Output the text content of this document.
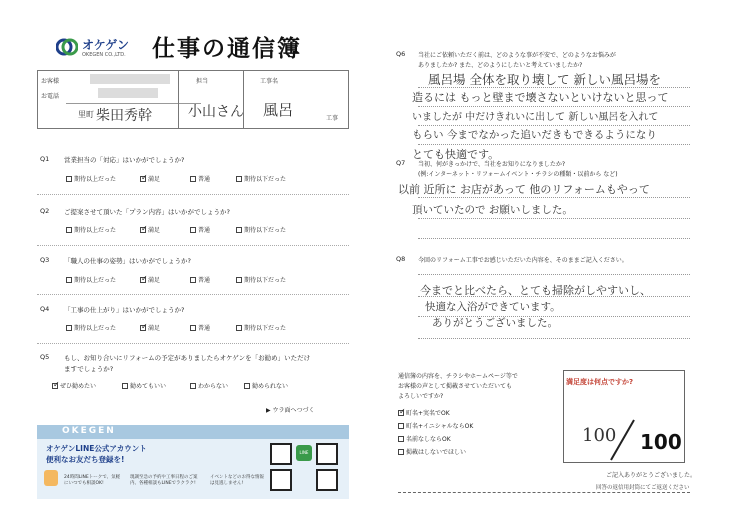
オケゲン
OKEGEN CO.,LTD. 仕事の通信簿
お客様
お電話
里町 柴田秀幹
担当
小山さん
工事名
風呂	工事
Q1 営業担当の「対応」はいかがでしょうか?
期待以上だった ✓	満足	普通	期待以下だった
Q2 ご提案させて頂いた「プラン内容」はいかがでしょうか?
期待以上だった ✓	満足	普通	期待以下だった
Q3 「職人の仕事の姿勢」はいかがでしょうか?
期待以上だった ✓	満足	普通	期待以下だった
Q4 「工事の仕上がり」はいかがでしょうか?
期待以上だった ✓	満足	普通	期待以下だった
Q5 もし、お知り合いにリフォームの予定がありましたらオケゲンを「お勧め」いただけ
ますでしょうか?
✓
ぜひ勧めたい	勧めてもいい	わからない	勧められない
▶ ウラ面へつづく
OKEGEN
オケゲンLINE公式アカウント
便利なお友だち登録を!
24時間LINEトークで、気軽にいつでも相談OK!
現調至急の予約や工事日程のご案内、各種相談もLINEでラクラク!
イベントなどのお得な情報は見逃しません!
LINE
Q6 当社にご依頼いただく前は、どのような事が不安で、どのようなお悩みが
ありましたか? また、どのようにしたいと考えていましたか?
風呂場 全体を取り壊して 新しい風呂場を
造るには もっと壁まで壊さないといけないと思って
いましたが 中だけきれいに出して 新しい風呂を入れて
もらい 今までなかった追いだきもできるようになり
とても快適です。
Q7 当初、何がきっかけで、当社をお知りになりましたか?
(例:インターネット・リフォームイベント・チラシの種類・以前から など)
以前 近所に お店があって 他のリフォームもやって
頂いていたので お願いしました。
Q8 今回のリフォーム工事でお感じいただいた内容を、そのままご記入ください。
今までと比べたら、とても掃除がしやすいし、
快適な入浴ができています。
ありがとうございました。
通信簿の内容を、チラシやホームページ等で
お客様の声として掲載させていただいても
よろしいですか?
✓
町名+実名でOK
町名+イニシャルならOK
名前なしならOK
掲載はしないでほしい
満足度は何点ですか?
100 100
ご記入ありがとうございました。
回答の返信用封筒にてご返送ください
